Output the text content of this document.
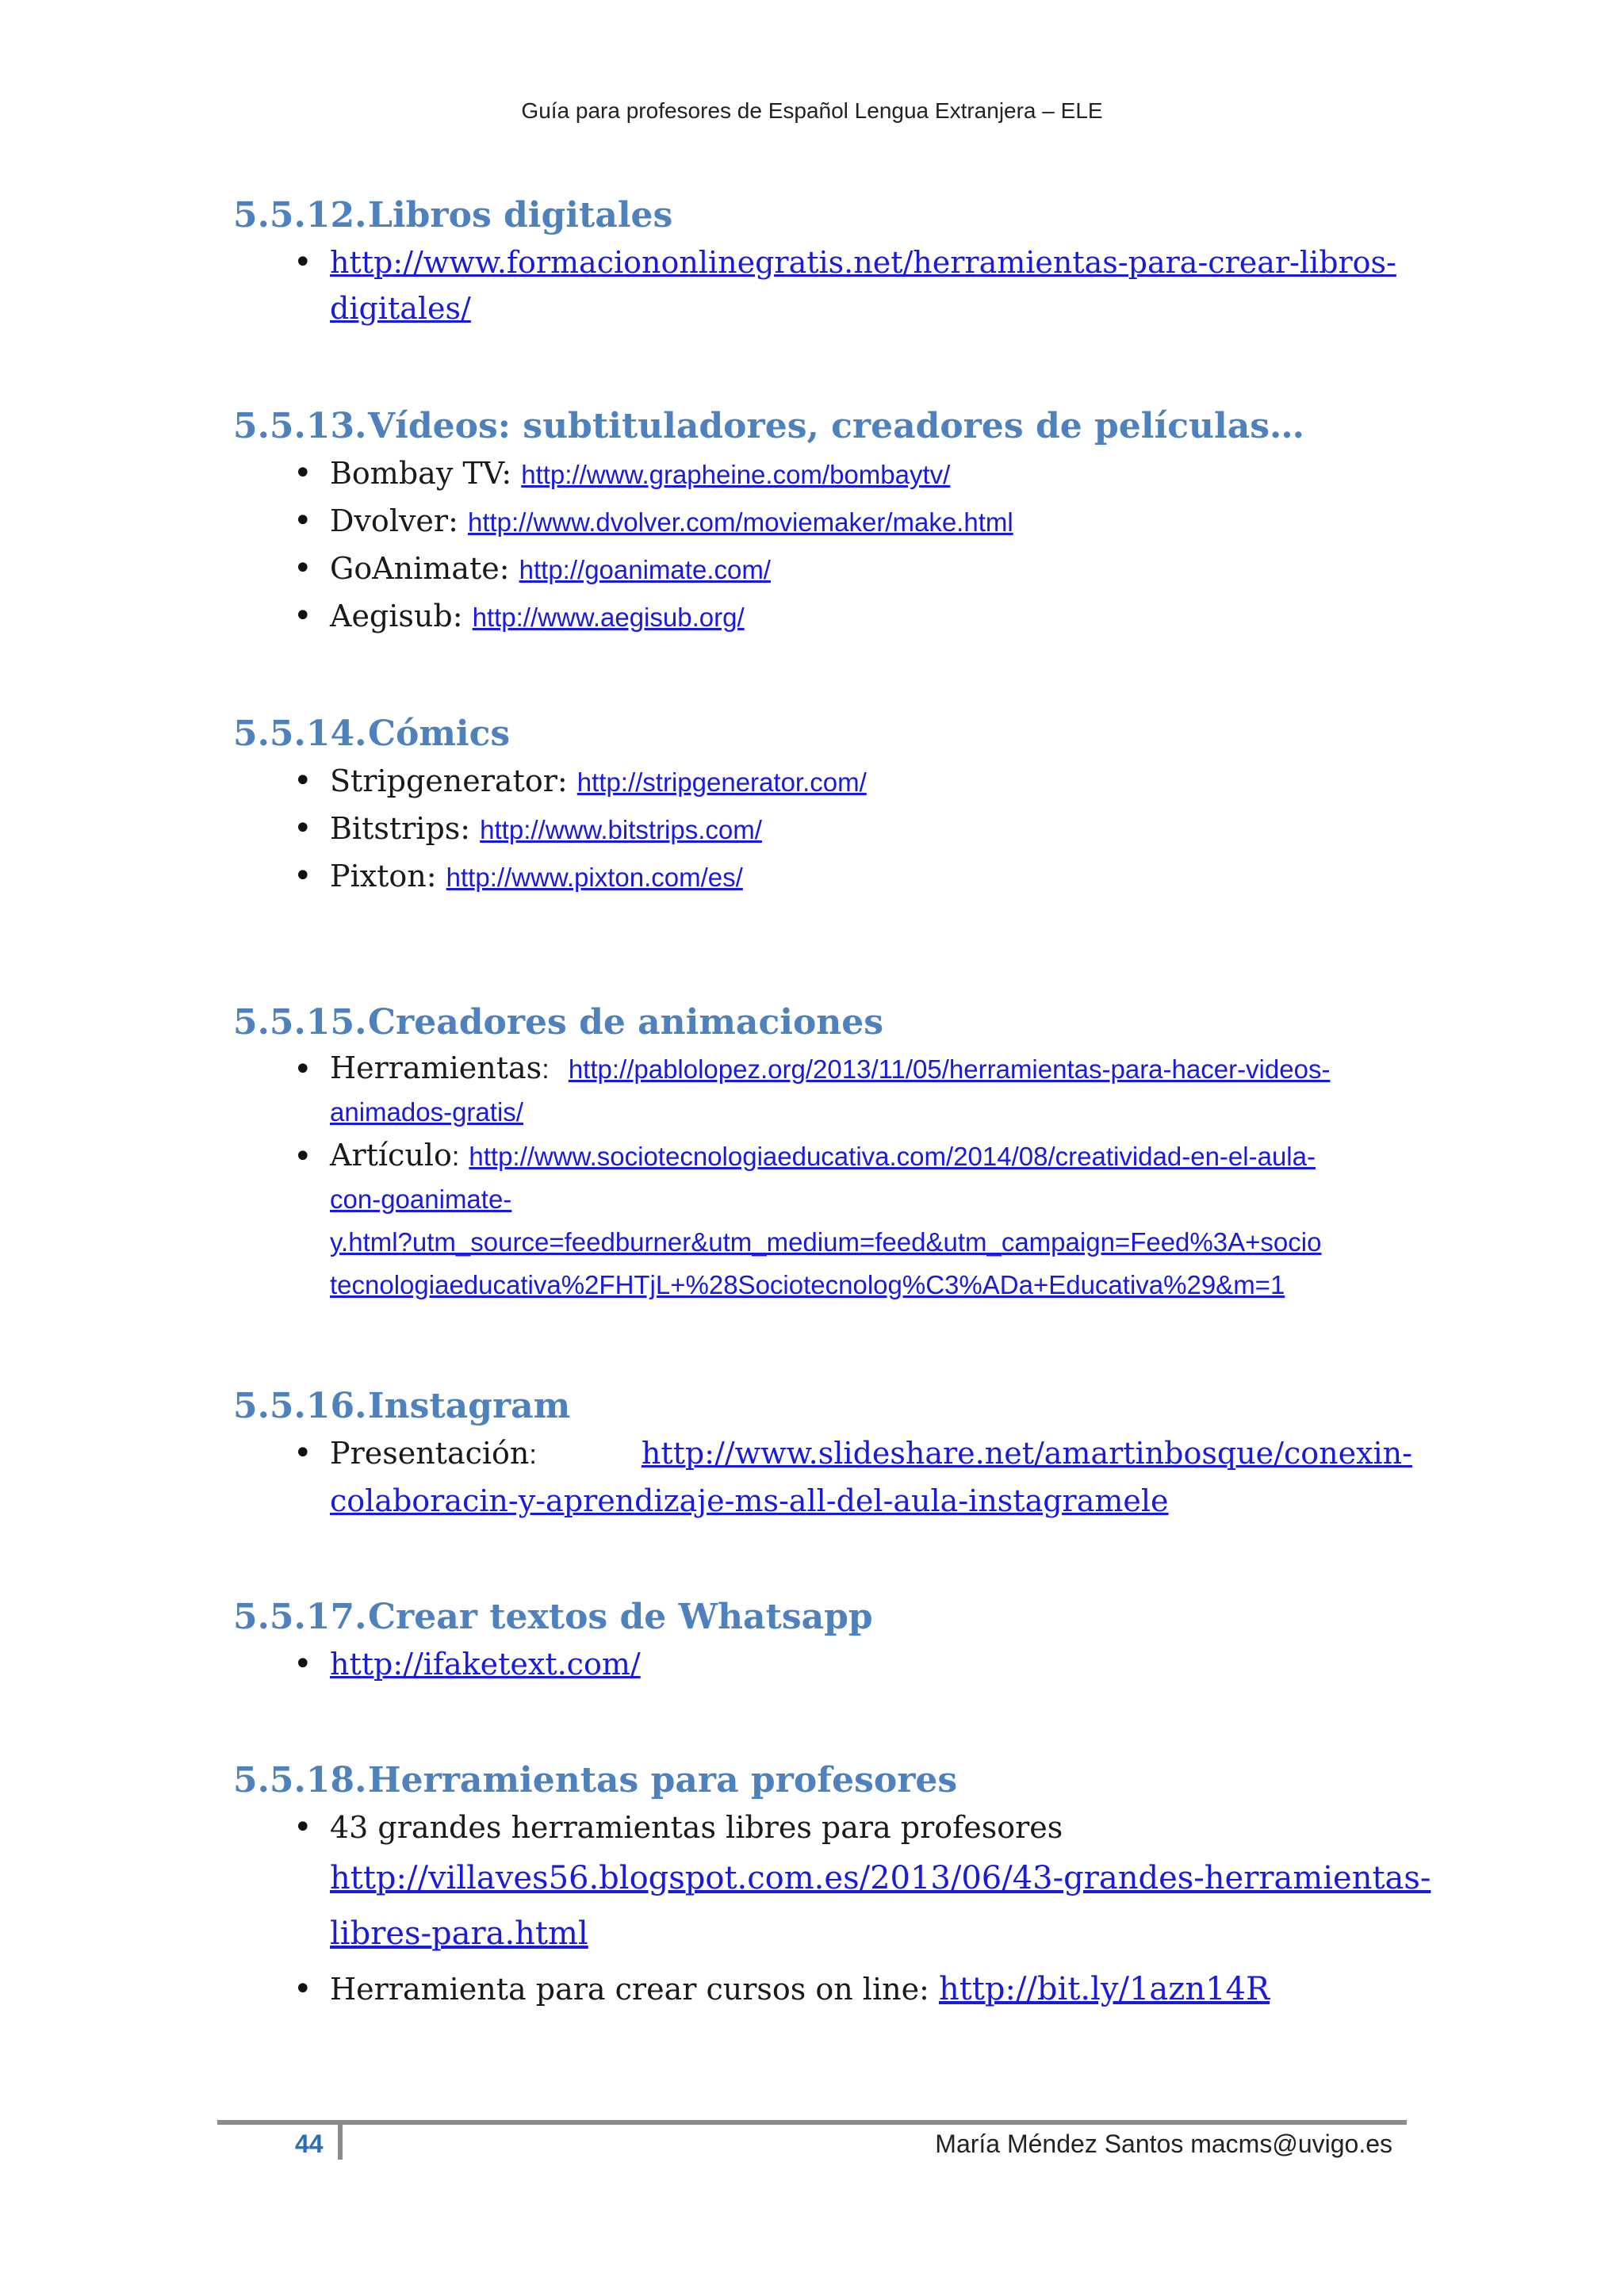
Guía para profesores de Español Lengua Extranjera – ELE
5.5.12.Libros digitales
• http://www.formaciononlinegratis.net/herramientas-para-crear-libros-
digitales/
5.5.13.Vídeos: subtituladores, creadores de películas…
• Bombay TV: http://www.grapheine.com/bombaytv/
• Dvolver: http://www.dvolver.com/moviemaker/make.html
• GoAnimate: http://goanimate.com/
• Aegisub: http://www.aegisub.org/
5.5.14.Cómics
• Stripgenerator: http://stripgenerator.com/
• Bitstrips: http://www.bitstrips.com/
• Pixton: http://www.pixton.com/es/
5.5.15.Creadores de animaciones
• Herramientas: http://pablolopez.org/2013/11/05/herramientas-para-hacer-videos-
animados-gratis/
• Artículo: http://www.sociotecnologiaeducativa.com/2014/08/creatividad-en-el-aula-
con-goanimate-
y.html?utm_source=feedburner&utm_medium=feed&utm_campaign=Feed%3A+socio
tecnologiaeducativa%2FHTjL+%28Sociotecnolog%C3%ADa+Educativa%29&m=1
5.5.16.Instagram
• Presentación:	http://www.slideshare.net/amartinbosque/conexin-
colaboracin-y-aprendizaje-ms-all-del-aula-instagramele
5.5.17.Crear textos de Whatsapp
• http://ifaketext.com/
5.5.18.Herramientas para profesores
• 43 grandes herramientas libres para profesores
http://villaves56.blogspot.com.es/2013/06/43-grandes-herramientas-
libres-para.html
• Herramienta para crear cursos on line: http://bit.ly/1azn14R
44	María Méndez Santos macms@uvigo.es
